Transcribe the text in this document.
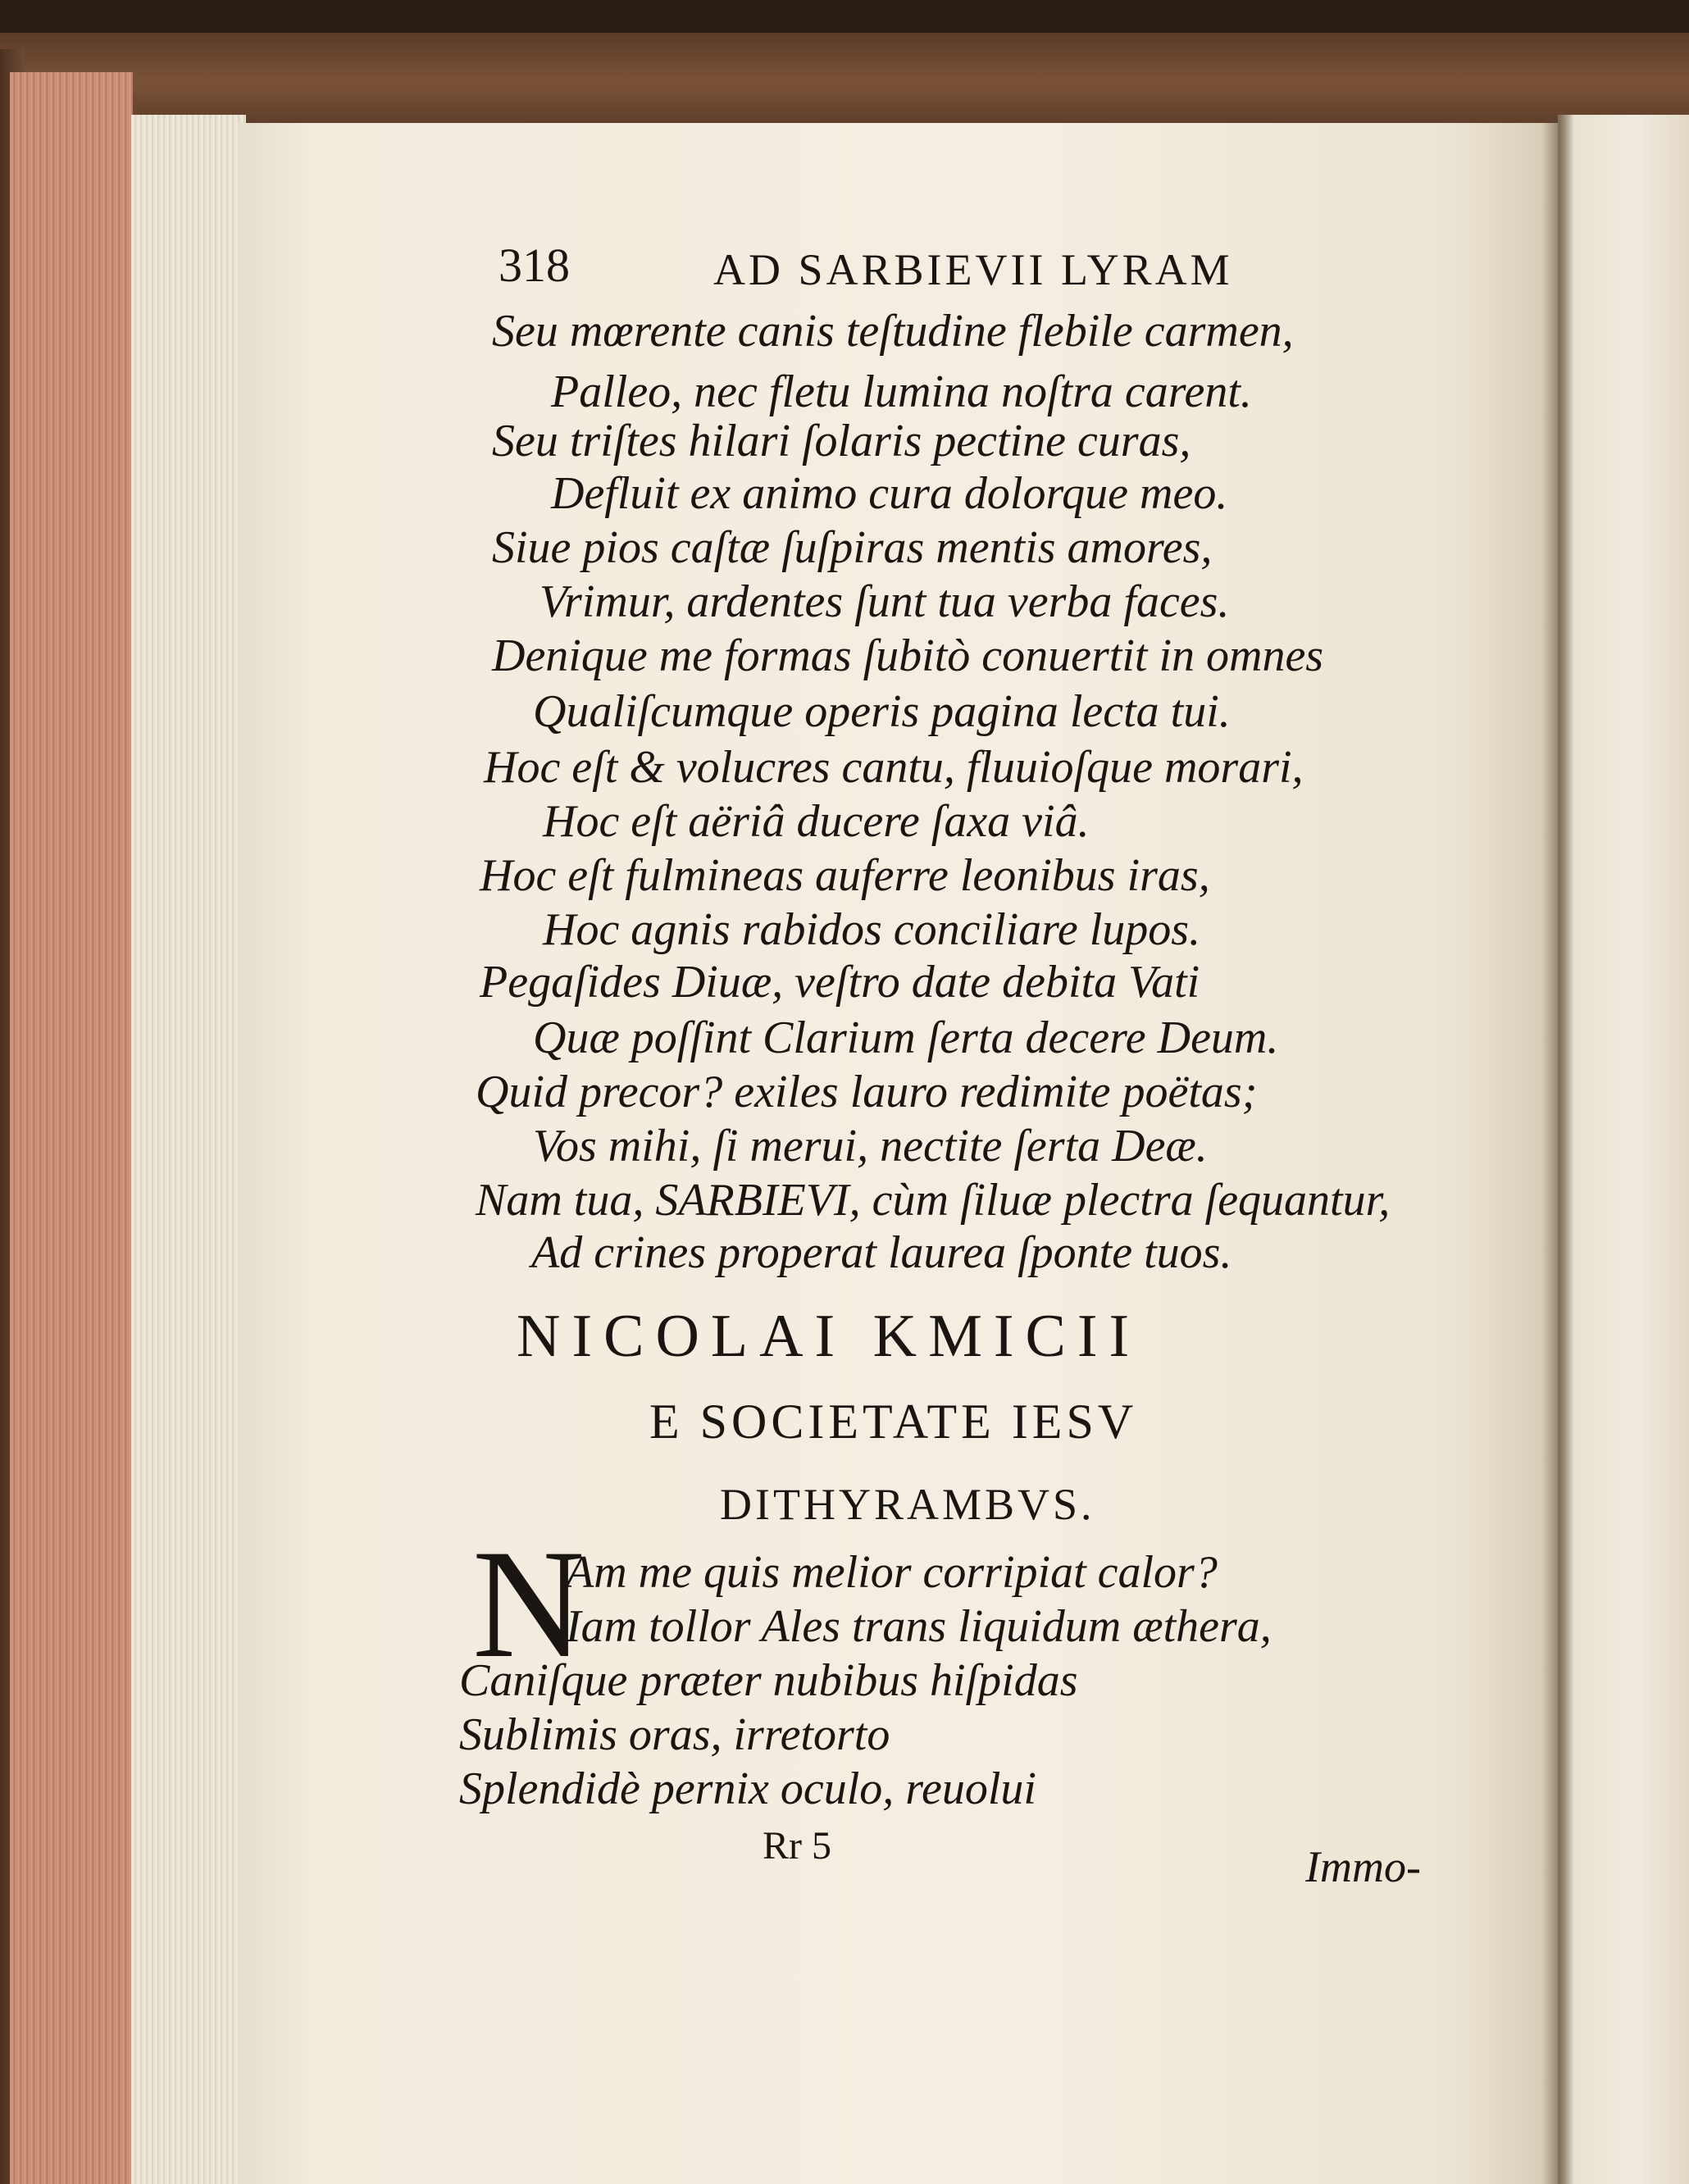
318	AD SARBIEVII LYRAM
Seu mœrente canis teſtudine flebile carmen,
Palleo, nec fletu lumina noſtra carent.
Seu triſtes hilari ſolaris pectine curas,
Defluit ex animo cura dolorque meo.
Siue pios caſtæ ſuſpiras mentis amores,
Vrimur, ardentes ſunt tua verba faces.
Denique me formas ſubitò conuertit in omnes
Qualiſcumque operis pagina lecta tui.
Hoc eſt & volucres cantu, fluuioſque morari,
Hoc eſt aëriâ ducere ſaxa viâ.
Hoc eſt fulmineas auferre leonibus iras,
Hoc agnis rabidos conciliare lupos.
Pegaſides Diuæ, veſtro date debita Vati
Quæ poſſint Clarium ſerta decere Deum.
Quid precor? exiles lauro redimite poëtas;
Vos mihi, ſi merui, nectite ſerta Deæ.
Nam tua, SARBIEVI, cùm ſiluæ plectra ſequantur,
Ad crines properat laurea ſponte tuos.
NICOLAI KMICII
E SOCIETATE IESV
DITHYRAMBVS.
N
Am me quis melior corripiat calor?
Iam tollor Ales trans liquidum æthera,
Caniſque præter nubibus hiſpidas
Sublimis oras, irretorto
Splendidè pernix oculo, reuolui
Rr 5	Immo-
